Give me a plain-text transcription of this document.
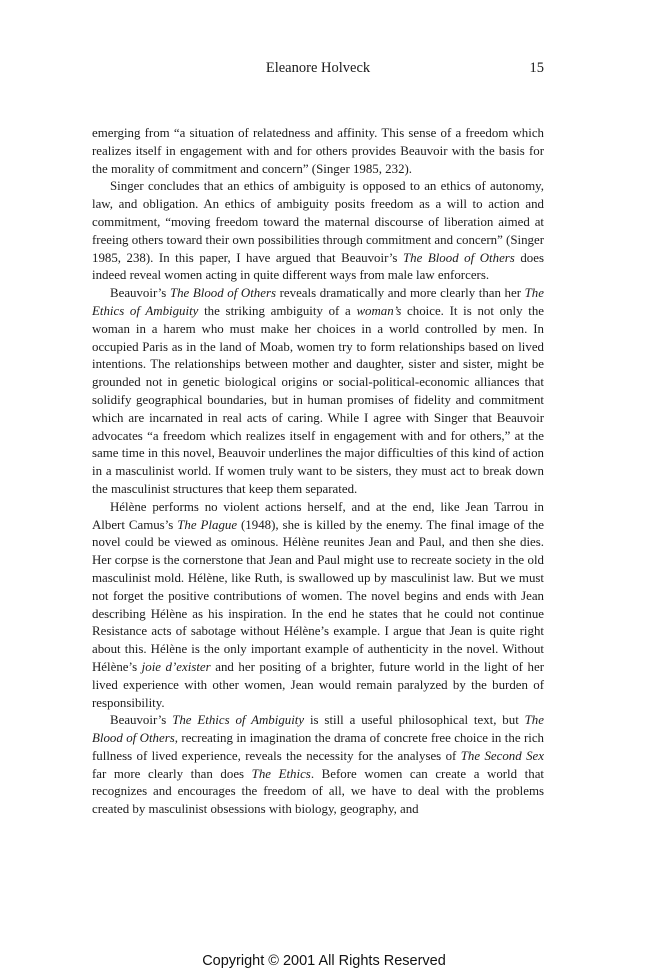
Eleanore Holveck	15

emerging from “a situation of relatedness and affinity. This sense of a freedom which realizes itself in engagement with and for others provides Beauvoir with the basis for the morality of commitment and concern” (Singer 1985, 232).

Singer concludes that an ethics of ambiguity is opposed to an ethics of autonomy, law, and obligation. An ethics of ambiguity posits freedom as a will to action and commitment, “moving freedom toward the maternal discourse of liberation aimed at freeing others toward their own possibilities through commitment and concern” (Singer 1985, 238). In this paper, I have argued that Beauvoir’s The Blood of Others does indeed reveal women acting in quite different ways from male law enforcers.

Beauvoir’s The Blood of Others reveals dramatically and more clearly than her The Ethics of Ambiguity the striking ambiguity of a woman’s choice. It is not only the woman in a harem who must make her choices in a world controlled by men. In occupied Paris as in the land of Moab, women try to form relationships based on lived intentions. The relationships between mother and daughter, sister and sister, might be grounded not in genetic biological origins or social-political-economic alliances that solidify geographical boundaries, but in human promises of fidelity and commitment which are incarnated in real acts of caring. While I agree with Singer that Beauvoir advocates “a freedom which realizes itself in engagement with and for others,” at the same time in this novel, Beauvoir underlines the major difficulties of this kind of action in a masculinist world. If women truly want to be sisters, they must act to break down the masculinist structures that keep them separated.

Hélène performs no violent actions herself, and at the end, like Jean Tarrou in Albert Camus’s The Plague (1948), she is killed by the enemy. The final image of the novel could be viewed as ominous. Hélène reunites Jean and Paul, and then she dies. Her corpse is the cornerstone that Jean and Paul might use to recreate society in the old masculinist mold. Hélène, like Ruth, is swallowed up by masculinist law. But we must not forget the positive contributions of women. The novel begins and ends with Jean describing Hélène as his inspiration. In the end he states that he could not continue Resistance acts of sabotage without Hélène’s example. I argue that Jean is quite right about this. Hélène is the only important example of authenticity in the novel. Without Hélène’s joie d’exister and her positing of a brighter, future world in the light of her lived experience with other women, Jean would remain paralyzed by the burden of responsibility.

Beauvoir’s The Ethics of Ambiguity is still a useful philosophical text, but The Blood of Others, recreating in imagination the drama of concrete free choice in the rich fullness of lived experience, reveals the necessity for the analyses of The Second Sex far more clearly than does The Ethics. Before women can create a world that recognizes and encourages the freedom of all, we have to deal with the problems created by masculinist obsessions with biology, geography, and

Copyright © 2001 All Rights Reserved
